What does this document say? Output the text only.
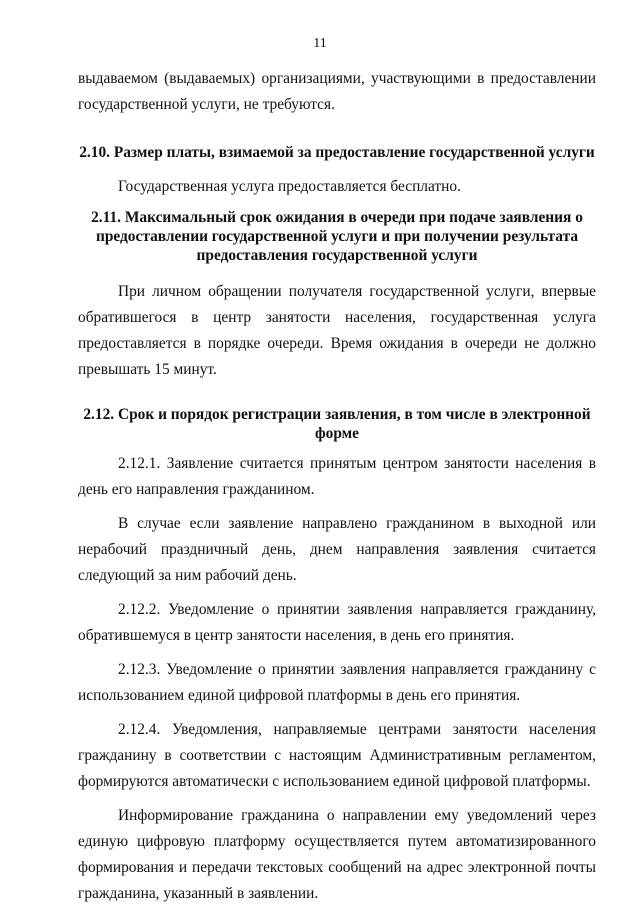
11

выдаваемом (выдаваемых) организациями, участвующими в предоставлении государственной услуги, не требуются.

2.10. Размер платы, взимаемой за предоставление государственной услуги

Государственная услуга предоставляется бесплатно.

2.11. Максимальный срок ожидания в очереди при подаче заявления о предоставлении государственной услуги и при получении результата предоставления государственной услуги

При личном обращении получателя государственной услуги, впервые обратившегося в центр занятости населения, государственная услуга предоставляется в порядке очереди. Время ожидания в очереди не должно превышать 15 минут.

2.12. Срок и порядок регистрации заявления, в том числе в электронной форме

2.12.1. Заявление считается принятым центром занятости населения в день его направления гражданином.

В случае если заявление направлено гражданином в выходной или нерабочий праздничный день, днем направления заявления считается следующий за ним рабочий день.

2.12.2. Уведомление о принятии заявления направляется гражданину, обратившемуся в центр занятости населения, в день его принятия.

2.12.3. Уведомление о принятии заявления направляется гражданину с использованием единой цифровой платформы в день его принятия.

2.12.4. Уведомления, направляемые центрами занятости населения гражданину в соответствии с настоящим Административным регламентом, формируются автоматически с использованием единой цифровой платформы.

Информирование гражданина о направлении ему уведомлений через единую цифровую платформу осуществляется путем автоматизированного формирования и передачи текстовых сообщений на адрес электронной почты гражданина, указанный в заявлении.
